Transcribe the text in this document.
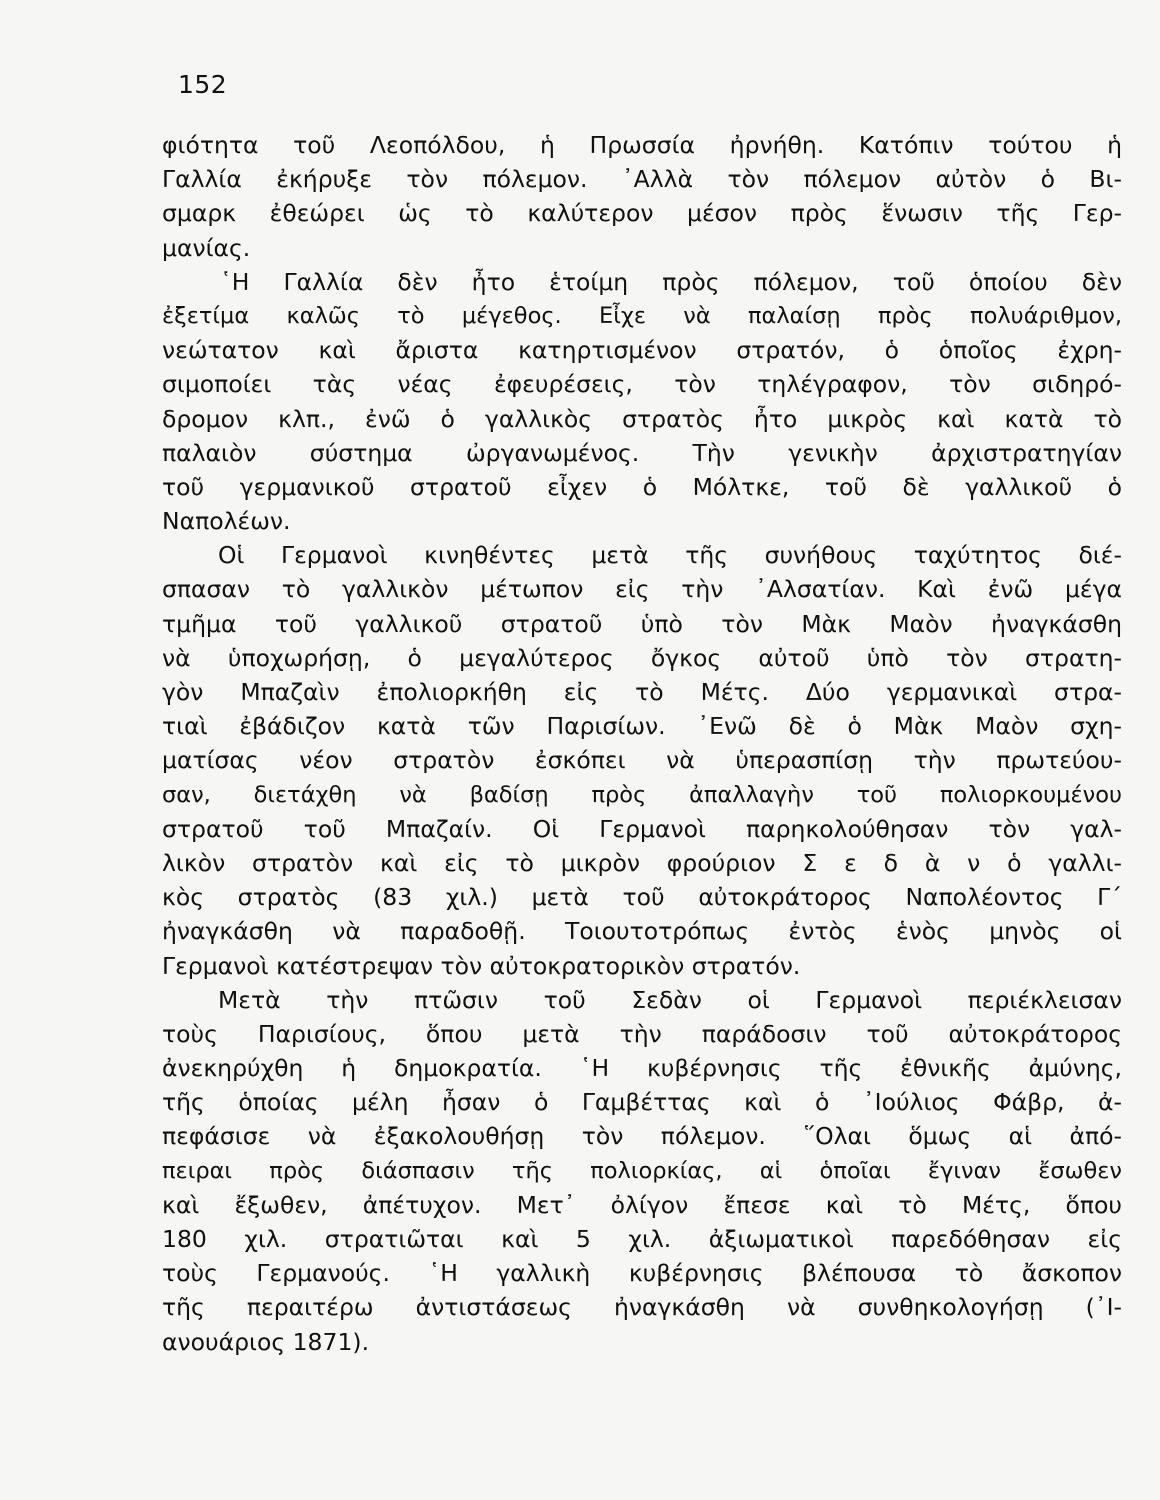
152
φιότητα τοῦ Λεοπόλδου, ἡ Πρωσσία ἠρνήθη. Κατόπιν τούτου ἡ
Γαλλία ἐκήρυξε τὸν πόλεμον. ᾿Αλλὰ τὸν πόλεμον αὐτὸν ὁ Βι-
σμαρκ ἐθεώρει ὡς τὸ καλύτερον μέσον πρὸς ἕνωσιν τῆς Γερ-
μανίας.
῾Η Γαλλία δὲν ἦτο ἑτοίμη πρὸς πόλεμον, τοῦ ὁποίου δὲν
ἐξετίμα καλῶς τὸ μέγεθος. Εἶχε νὰ παλαίσῃ πρὸς πολυάριθμον,
νεώτατον καὶ ἄριστα κατηρτισμένον στρατόν, ὁ ὁποῖος ἐχρη-
σιμοποίει τὰς νέας ἐφευρέσεις, τὸν τηλέγραφον, τὸν σιδηρό-
δρομον κλπ., ἐνῶ ὁ γαλλικὸς στρατὸς ἦτο μικρὸς καὶ κατὰ τὸ
παλαιὸν σύστημα ὠργανωμένος. Τὴν γενικὴν ἀρχιστρατηγίαν
τοῦ γερμανικοῦ στρατοῦ εἶχεν ὁ Μόλτκε, τοῦ δὲ γαλλικοῦ ὁ
Ναπολέων.
Οἱ Γερμανοὶ κινηθέντες μετὰ τῆς συνήθους ταχύτητος διέ-
σπασαν τὸ γαλλικὸν μέτωπον εἰς τὴν ᾿Αλσατίαν. Καὶ ἐνῶ μέγα
τμῆμα τοῦ γαλλικοῦ στρατοῦ ὑπὸ τὸν Μὰκ Μαὸν ἠναγκάσθη
νὰ ὑποχωρήσῃ, ὁ μεγαλύτερος ὄγκος αὐτοῦ ὑπὸ τὸν στρατη-
γὸν Μπαζαὶν ἐπολιορκήθη εἰς τὸ Μέτς. Δύο γερμανικαὶ στρα-
τιαὶ ἐβάδιζον κατὰ τῶν Παρισίων. ᾿Ενῶ δὲ ὁ Μὰκ Μαὸν σχη-
ματίσας νέον στρατὸν ἐσκόπει νὰ ὑπερασπίσῃ τὴν πρωτεύου-
σαν, διετάχθη νὰ βαδίσῃ πρὸς ἀπαλλαγὴν τοῦ πολιορκουμένου
στρατοῦ τοῦ Μπαζαίν. Οἱ Γερμανοὶ παρηκολούθησαν τὸν γαλ-
λικὸν στρατὸν καὶ εἰς τὸ μικρὸν φρούριον Σ ε δ ὰ ν ὁ γαλλι-
κὸς στρατὸς (83 χιλ.) μετὰ τοῦ αὐτοκράτορος Ναπολέοντος Γ΄
ἠναγκάσθη νὰ παραδοθῇ. Τοιουτοτρόπως ἐντὸς ἑνὸς μηνὸς οἱ
Γερμανοὶ κατέστρεψαν τὸν αὐτοκρατορικὸν στρατόν.
Μετὰ τὴν πτῶσιν τοῦ Σεδὰν οἱ Γερμανοὶ περιέκλεισαν
τοὺς Παρισίους, ὅπου μετὰ τὴν παράδοσιν τοῦ αὐτοκράτορος
ἀνεκηρύχθη ἡ δημοκρατία. ῾Η κυβέρνησις τῆς ἐθνικῆς ἀμύνης,
τῆς ὁποίας μέλη ἦσαν ὁ Γαμβέττας καὶ ὁ ᾿Ιούλιος Φάβρ, ἀ-
πεφάσισε νὰ ἐξακολουθήσῃ τὸν πόλεμον. ῞Ολαι ὅμως αἱ ἀπό-
πειραι πρὸς διάσπασιν τῆς πολιορκίας, αἱ ὁποῖαι ἔγιναν ἔσωθεν
καὶ ἔξωθεν, ἀπέτυχον. Μετ᾿ ὀλίγον ἔπεσε καὶ τὸ Μέτς, ὅπου
180 χιλ. στρατιῶται καὶ 5 χιλ. ἀξιωματικοὶ παρεδόθησαν εἰς
τοὺς Γερμανούς. ῾Η γαλλικὴ κυβέρνησις βλέπουσα τὸ ἄσκοπον
τῆς περαιτέρω ἀντιστάσεως ἠναγκάσθη νὰ συνθηκολογήσῃ (᾿Ι-
ανουάριος 1871).
